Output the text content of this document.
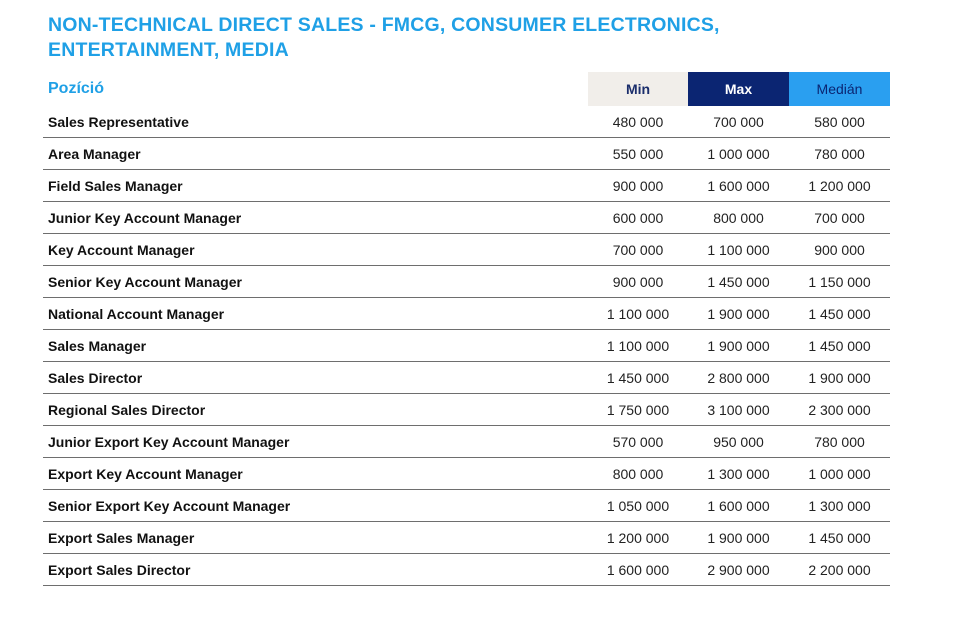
NON-TECHNICAL DIRECT SALES - FMCG, CONSUMER ELECTRONICS,
ENTERTAINMENT, MEDIA
Pozíció	Min	Max	Medián
Sales Representative	480 000	700 000	580 000
Area Manager	550 000	1 000 000	780 000
Field Sales Manager	900 000	1 600 000	1 200 000
Junior Key Account Manager	600 000	800 000	700 000
Key Account Manager	700 000	1 100 000	900 000
Senior Key Account Manager	900 000	1 450 000	1 150 000
National Account Manager	1 100 000	1 900 000	1 450 000
Sales Manager	1 100 000	1 900 000	1 450 000
Sales Director	1 450 000	2 800 000	1 900 000
Regional Sales Director	1 750 000	3 100 000	2 300 000
Junior Export Key Account Manager	570 000	950 000	780 000
Export Key Account Manager	800 000	1 300 000	1 000 000
Senior Export Key Account Manager	1 050 000	1 600 000	1 300 000
Export Sales Manager	1 200 000	1 900 000	1 450 000
Export Sales Director	1 600 000	2 900 000	2 200 000
